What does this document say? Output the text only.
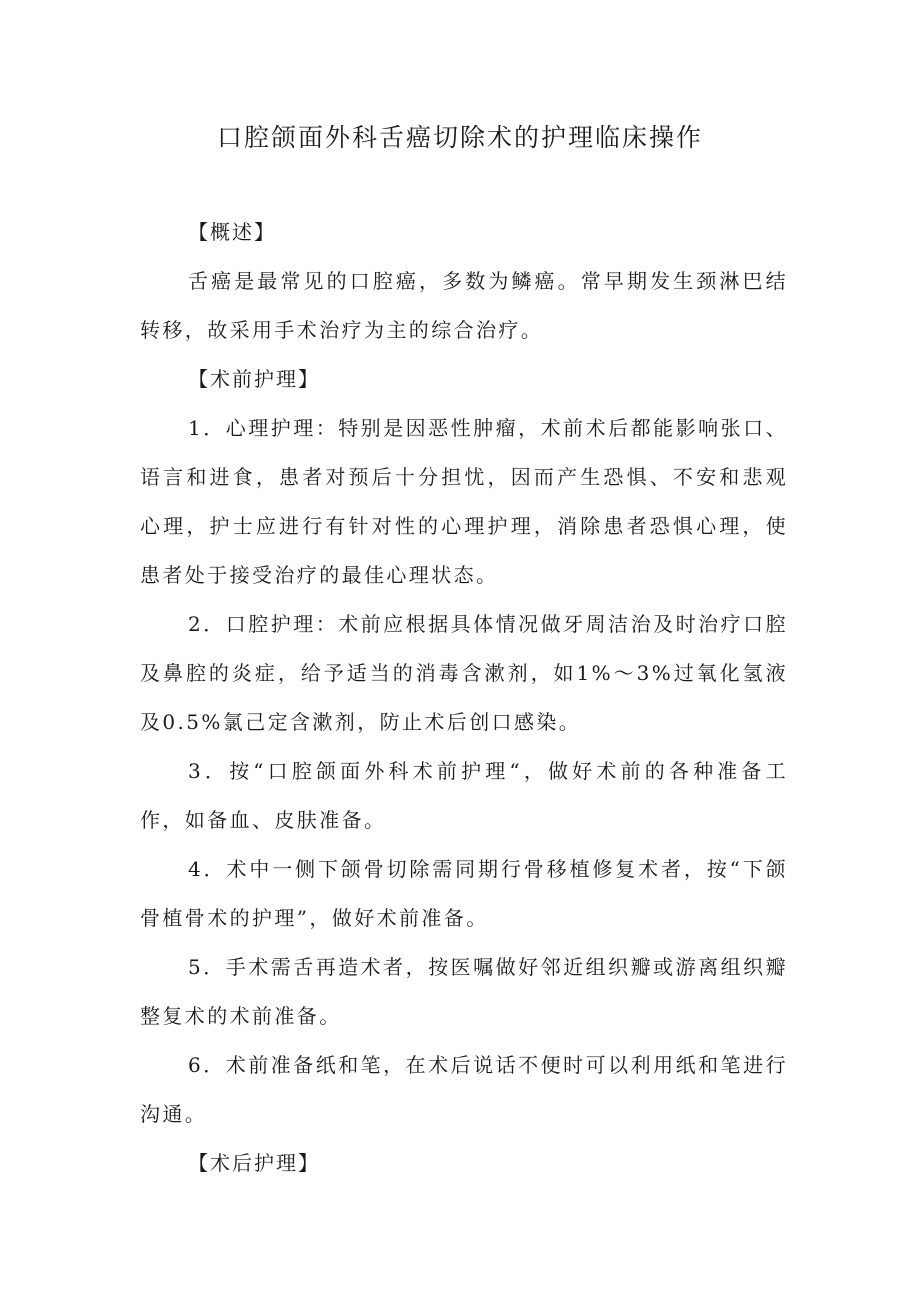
口腔颌面外科舌癌切除术的护理临床操作

【概述】

舌癌是最常见的口腔癌，多数为鳞癌。常早期发生颈淋巴结转移，故采用手术治疗为主的综合治疗。

【术前护理】

1．心理护理：特别是因恶性肿瘤，术前术后都能影响张口、语言和进食，患者对预后十分担忧，因而产生恐惧、不安和悲观心理，护士应进行有针对性的心理护理，消除患者恐惧心理，使患者处于接受治疗的最佳心理状态。

2．口腔护理：术前应根据具体情况做牙周洁治及时治疗口腔及鼻腔的炎症，给予适当的消毒含漱剂，如1%～3%过氧化氢液及0.5%氯己定含漱剂，防止术后创口感染。

3．按“口腔颌面外科术前护理“，做好术前的各种准备工作，如备血、皮肤准备。

4．术中一侧下颌骨切除需同期行骨移植修复术者，按“下颌骨植骨术的护理”，做好术前准备。

5．手术需舌再造术者，按医嘱做好邻近组织瓣或游离组织瓣整复术的术前准备。

6．术前准备纸和笔，在术后说话不便时可以利用纸和笔进行沟通。

【术后护理】
